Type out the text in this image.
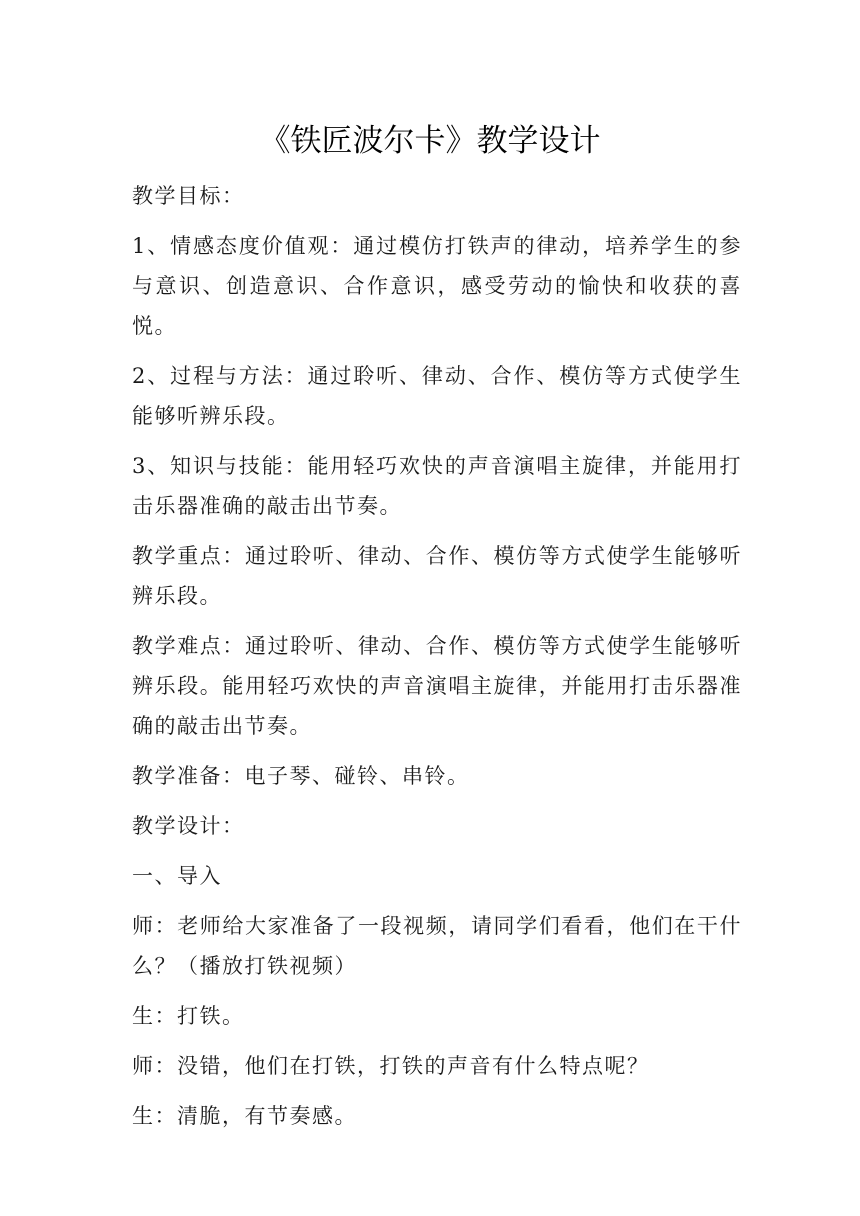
《铁匠波尔卡》教学设计

教学目标：

1、情感态度价值观：通过模仿打铁声的律动，培养学生的参与意识、创造意识、合作意识，感受劳动的愉快和收获的喜悦。

2、过程与方法：通过聆听、律动、合作、模仿等方式使学生能够听辨乐段。

3、知识与技能：能用轻巧欢快的声音演唱主旋律，并能用打击乐器准确的敲击出节奏。

教学重点：通过聆听、律动、合作、模仿等方式使学生能够听辨乐段。

教学难点：通过聆听、律动、合作、模仿等方式使学生能够听辨乐段。能用轻巧欢快的声音演唱主旋律，并能用打击乐器准确的敲击出节奏。

教学准备：电子琴、碰铃、串铃。

教学设计：

一、导入

师：老师给大家准备了一段视频，请同学们看看，他们在干什么？（播放打铁视频）

生：打铁。

师：没错，他们在打铁，打铁的声音有什么特点呢？

生：清脆，有节奏感。
